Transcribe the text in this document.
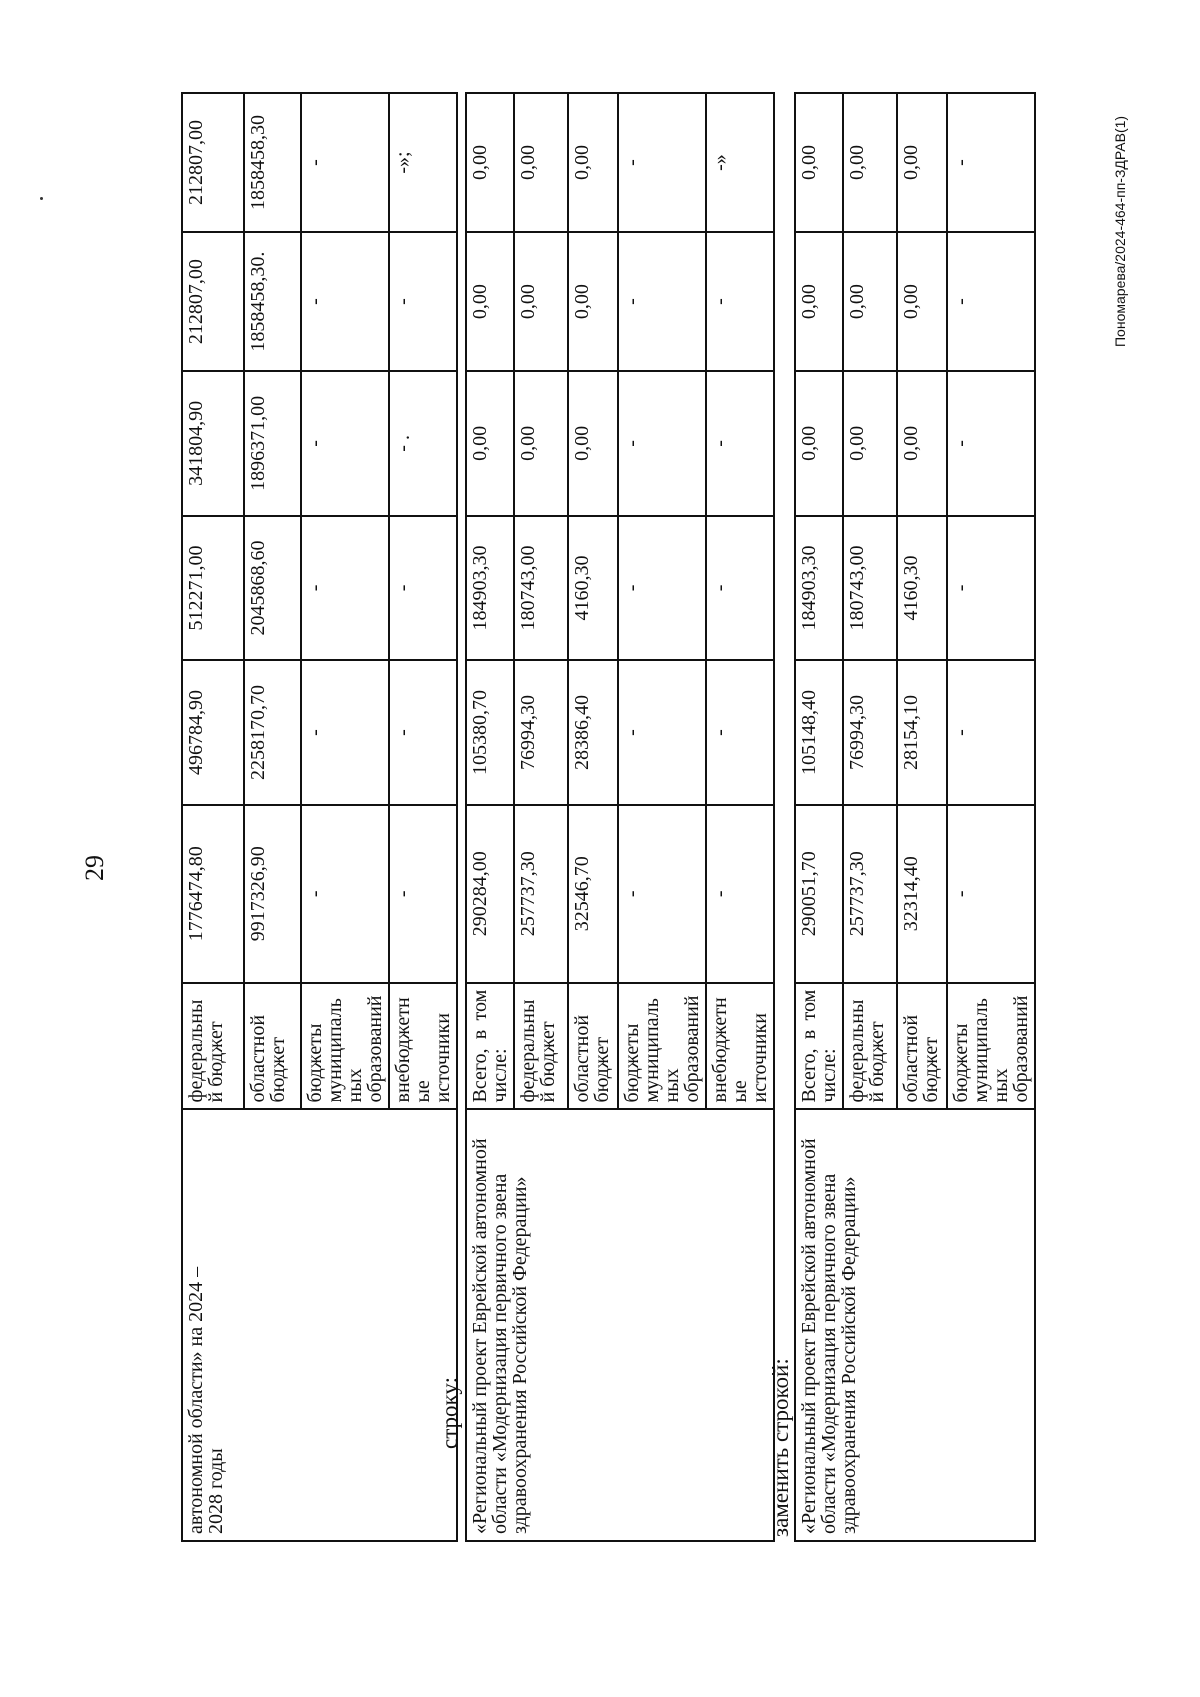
29
Пономарева/2024-464-пп-ЗДРАВ(1)
автономной области» на 2024 –
2028 годы	федеральный бюджет	1776474,80	496784,90	512271,00	341804,90	212807,00	212807,00
	областной бюджет	9917326,90	2258170,70	2045868,60	1896371,00	1858458,30.	1858458,30
	бюджеты муниципальных образований	-	-	-	-	-	-
	внебюджетные источники	-	-	-	- .	-	-»;
строку: «Региональный проект Еврейской автономной области «Модернизация первичного звена здравоохранения Российской Федерации»	Всего, в том числе:	290284,00	105380,70	184903,30	0,00	0,00	0,00
	федеральный бюджет	257737,30	76994,30	180743,00	0,00	0,00	0,00
	областной бюджет	32546,70	28386,40	4160,30	0,00	0,00	0,00
	бюджеты муниципальных образований	-	-	-	-	-	-
	внебюджетные источники	-	-	-	-	-	-»
заменить строкой: «Региональный проект Еврейской автономной области «Модернизация первичного звена здравоохранения Российской Федерации»	Всего, в том числе:	290051,70	105148,40	184903,30	0,00	0,00	0,00
	федеральный бюджет	257737,30	76994,30	180743,00	0,00	0,00	0,00
	областной бюджет	32314,40	28154,10	4160,30	0,00	0,00	0,00
	бюджеты муниципальных образований	-	-	-	-	-	-
